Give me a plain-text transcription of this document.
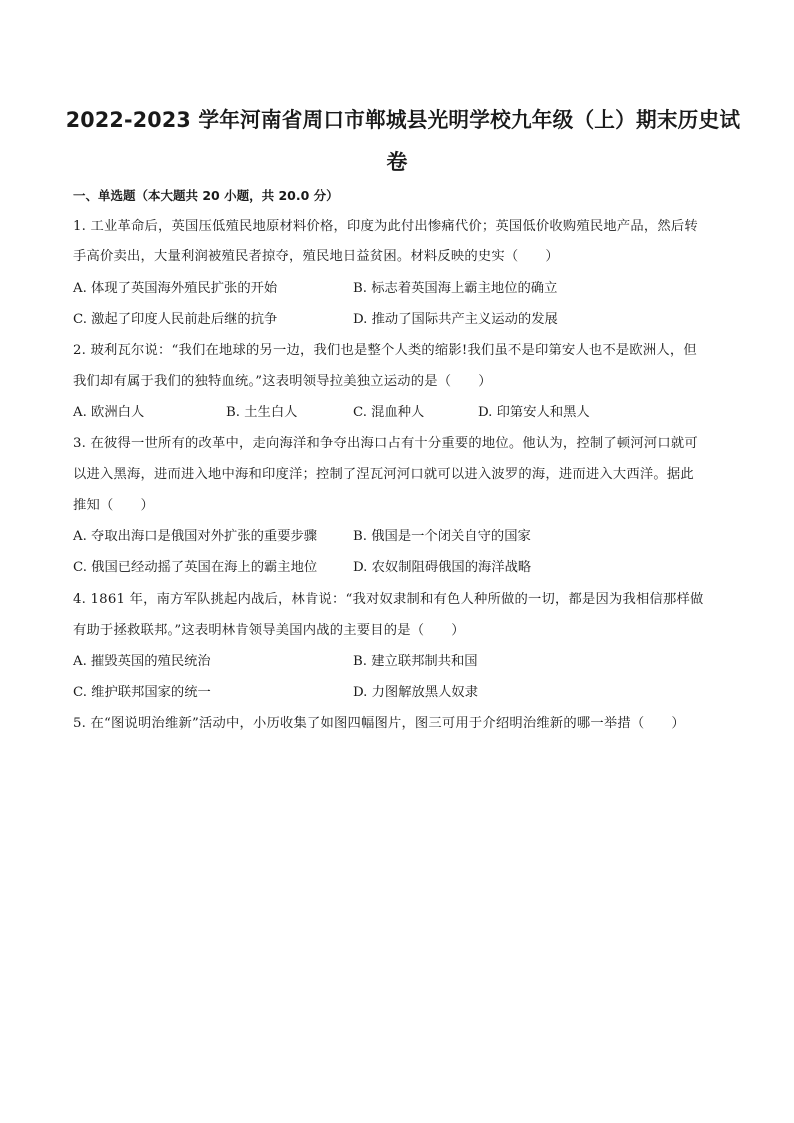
2022-2023 学年河南省周口市郸城县光明学校九年级（上）期末历史试
卷
一、单选题（本大题共 20 小题，共 20.0 分）
1. 工业革命后，英国压低殖民地原材料价格，印度为此付出惨痛代价；英国低价收购殖民地产品，然后转
手高价卖出，大量利润被殖民者掠夺，殖民地日益贫困。材料反映的史实（　　）
A. 体现了英国海外殖民扩张的开始	B. 标志着英国海上霸主地位的确立
C. 激起了印度人民前赴后继的抗争	D. 推动了国际共产主义运动的发展
2. 玻利瓦尔说：“我们在地球的另一边，我们也是整个人类的缩影!我们虽不是印第安人也不是欧洲人，但
我们却有属于我们的独特血统。”这表明领导拉美独立运动的是（　　）
A. 欧洲白人	B. 土生白人	C. 混血种人	D. 印第安人和黑人
3. 在彼得一世所有的改革中，走向海洋和争夺出海口占有十分重要的地位。他认为，控制了顿河河口就可
以进入黑海，进而进入地中海和印度洋；控制了涅瓦河河口就可以进入波罗的海，进而进入大西洋。据此
推知（　　）
A. 夺取出海口是俄国对外扩张的重要步骤	B. 俄国是一个闭关自守的国家
C. 俄国已经动摇了英国在海上的霸主地位	D. 农奴制阻碍俄国的海洋战略
4. 1861 年，南方军队挑起内战后，林肯说：“我对奴隶制和有色人种所做的一切，都是因为我相信那样做
有助于拯救联邦。”这表明林肯领导美国内战的主要目的是（　　）
A. 摧毁英国的殖民统治	B. 建立联邦制共和国
C. 维护联邦国家的统一	D. 力图解放黑人奴隶
5. 在“图说明治维新”活动中，小历收集了如图四幅图片，图三可用于介绍明治维新的哪一举措（　　）
